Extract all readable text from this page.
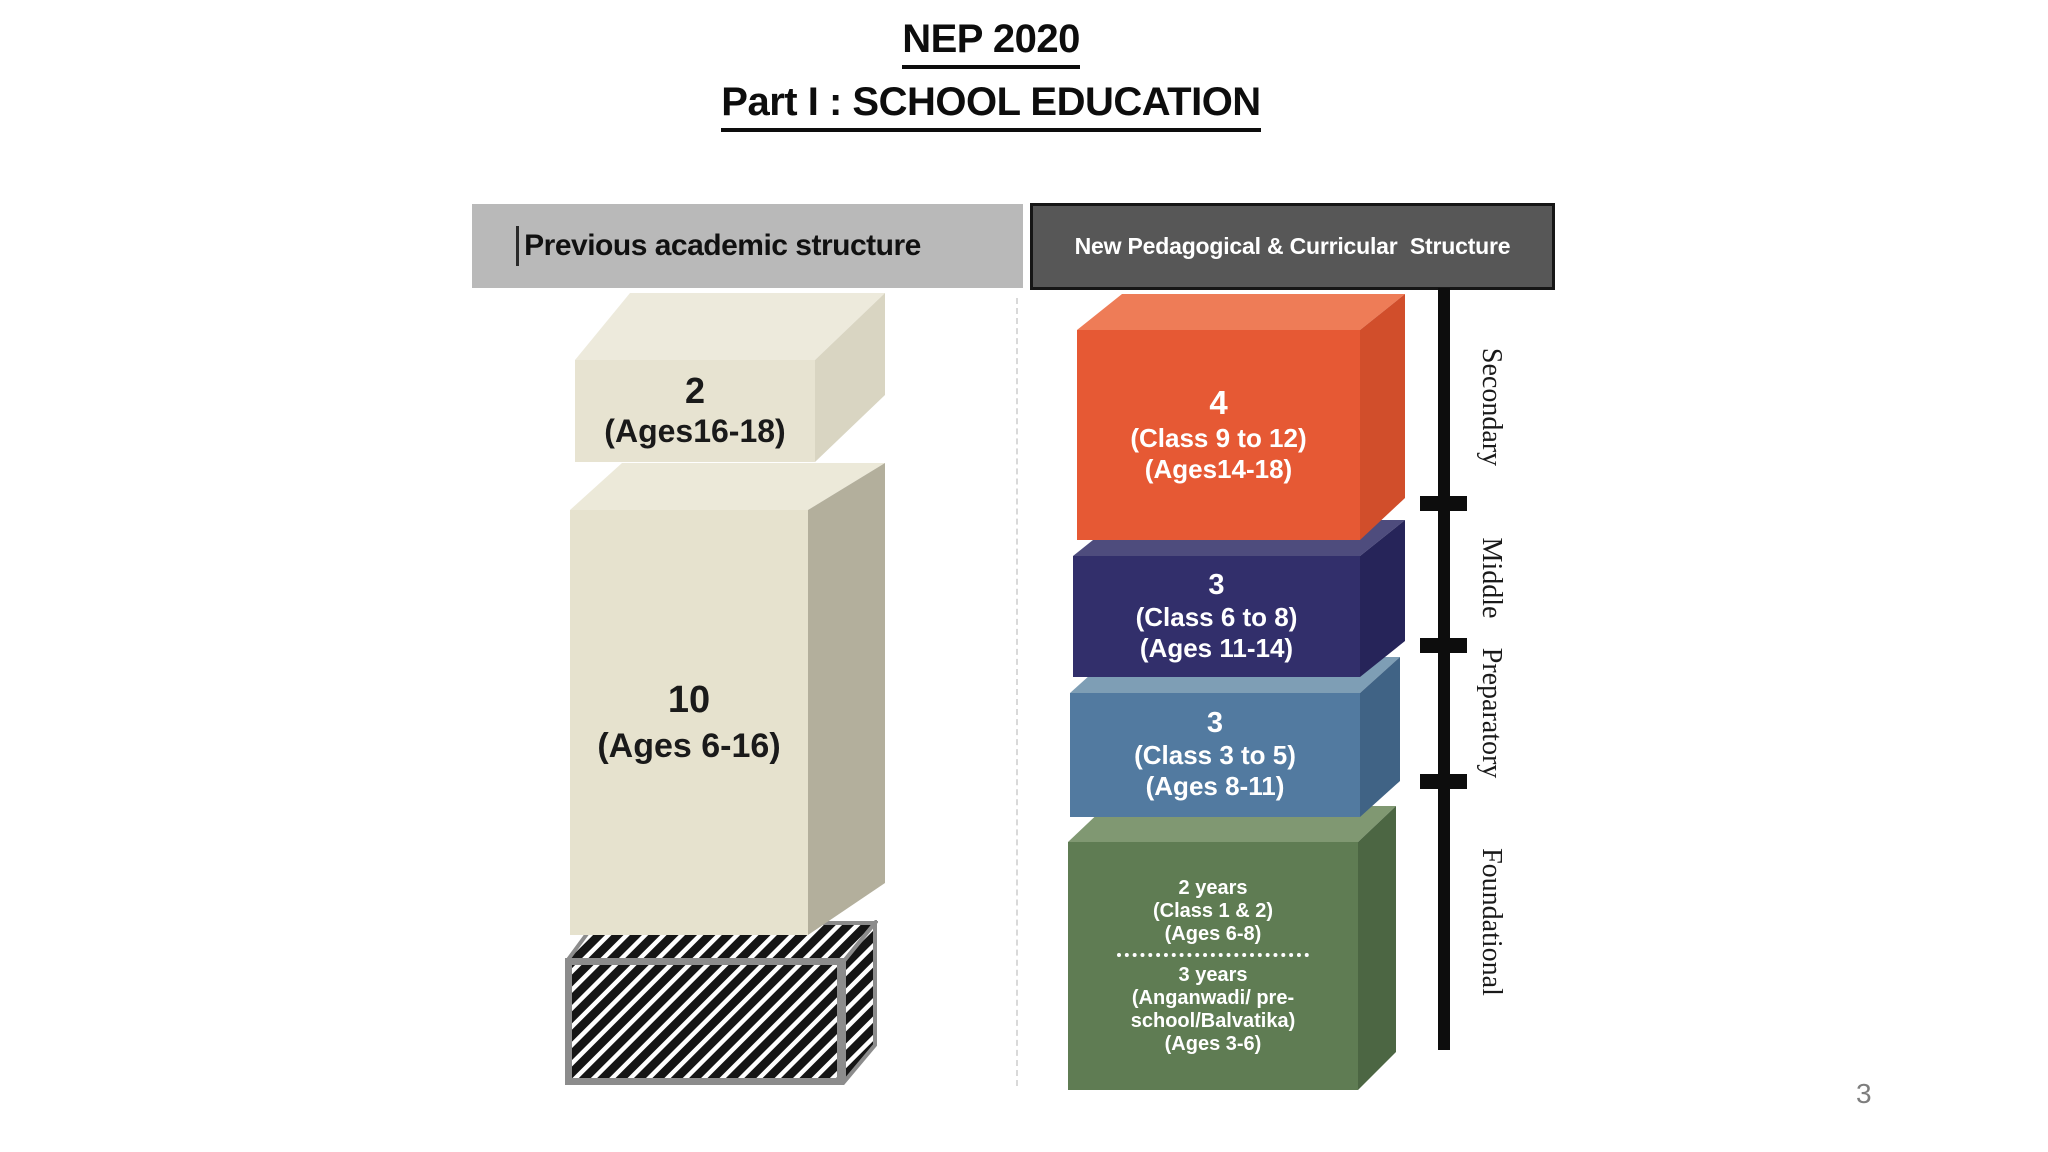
NEP 2020
Part I : SCHOOL EDUCATION
10
(Ages 6-16)
2
(Ages16-18)
2 years
(Class 1 & 2)
(Ages 6-8)
3 years
(Anganwadi/ pre-
school/Balvatika)
(Ages 3-6)
3
(Class 3 to 5)
(Ages 8-11)
3
(Class 6 to 8)
(Ages 11-14)
4
(Class 9 to 12)
(Ages14-18)
Previous academic structure	New Pedagogical & Curricular  Structure
Secondary
Middle
Preparatory
Foundational
3
